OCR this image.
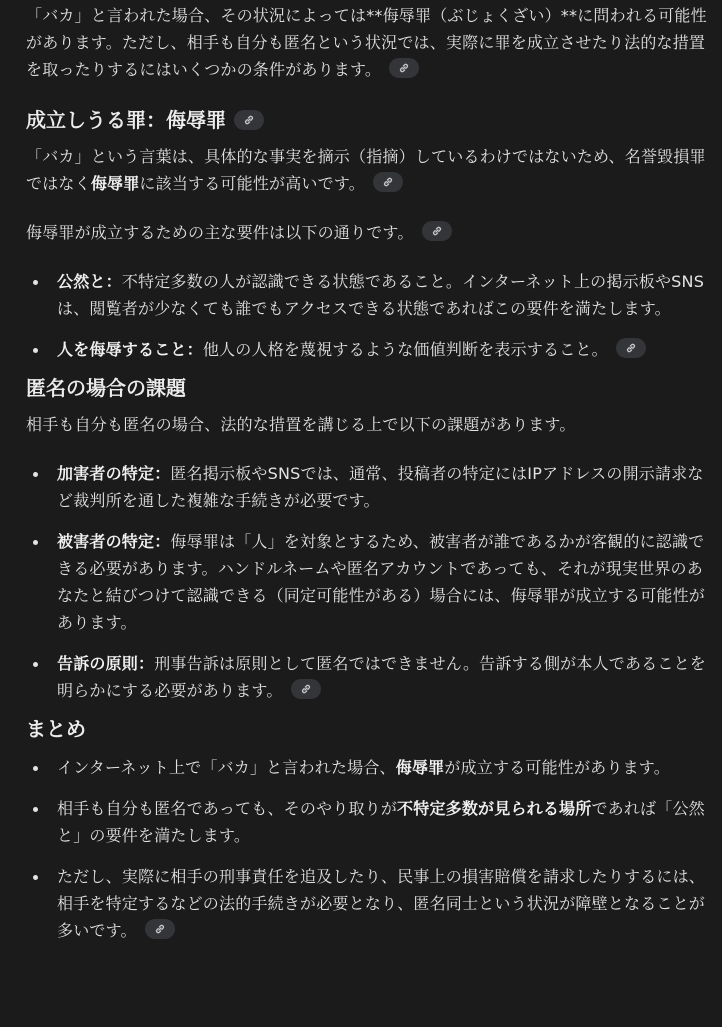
「バカ」と言われた場合、その状況によっては**侮辱罪（ぶじょくざい）**に問われる可能性があります。ただし、相手も自分も匿名という状況では、実際に罪を成立させたり法的な措置を取ったりするにはいくつかの条件があります。

成立しうる罪：侮辱罪

「バカ」という言葉は、具体的な事実を摘示（指摘）しているわけではないため、名誉毀損罪ではなく侮辱罪に該当する可能性が高いです。

侮辱罪が成立するための主な要件は以下の通りです。

公然と：不特定多数の人が認識できる状態であること。インターネット上の掲示板やSNSは、閲覧者が少なくても誰でもアクセスできる状態であればこの要件を満たします。
人を侮辱すること：他人の人格を蔑視するような価値判断を表示すること。
匿名の場合の課題

相手も自分も匿名の場合、法的な措置を講じる上で以下の課題があります。

加害者の特定：匿名掲示板やSNSでは、通常、投稿者の特定にはIPアドレスの開示請求など裁判所を通した複雑な手続きが必要です。
被害者の特定：侮辱罪は「人」を対象とするため、被害者が誰であるかが客観的に認識できる必要があります。ハンドルネームや匿名アカウントであっても、それが現実世界のあなたと結びつけて認識できる（同定可能性がある）場合には、侮辱罪が成立する可能性があります。
告訴の原則：刑事告訴は原則として匿名ではできません。告訴する側が本人であることを明らかにする必要があります。
まとめ
インターネット上で「バカ」と言われた場合、侮辱罪が成立する可能性があります。
相手も自分も匿名であっても、そのやり取りが不特定多数が見られる場所であれば「公然と」の要件を満たします。
ただし、実際に相手の刑事責任を追及したり、民事上の損害賠償を請求したりするには、相手を特定するなどの法的手続きが必要となり、匿名同士という状況が障壁となることが多いです。
